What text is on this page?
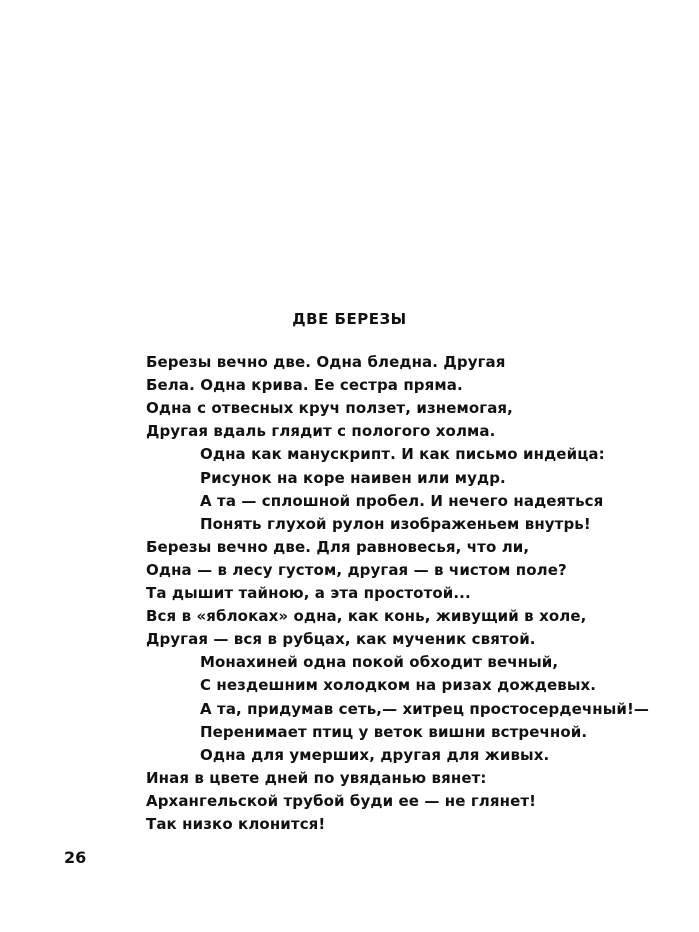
ДВЕ БЕРЕЗЫ
Березы вечно две. Одна бледна. Другая
Бела. Одна крива. Ее сестра пряма.
Одна с отвесных круч ползет, изнемогая,
Другая вдаль глядит с пологого холма.
Одна как манускрипт. И как письмо индейца:
Рисунок на коре наивен или мудр.
А та — сплошной пробел. И нечего надеяться
Понять глухой рулон изображеньем внутрь!
Березы вечно две. Для равновесья, что ли,
Одна — в лесу густом, другая — в чистом поле?
Та дышит тайною, а эта простотой...
Вся в «яблоках» одна, как конь, живущий в холе,
Другая — вся в рубцах, как мученик святой.
Монахиней одна покой обходит вечный,
С нездешним холодком на ризах дождевых.
А та, придумав сеть,— хитрец простосердечный!—
Перенимает птиц у веток вишни встречной.
Одна для умерших, другая для живых.
Иная в цвете дней по увяданью вянет:
Архангельской трубой буди ее — не глянет!
Так низко клонится!

26
